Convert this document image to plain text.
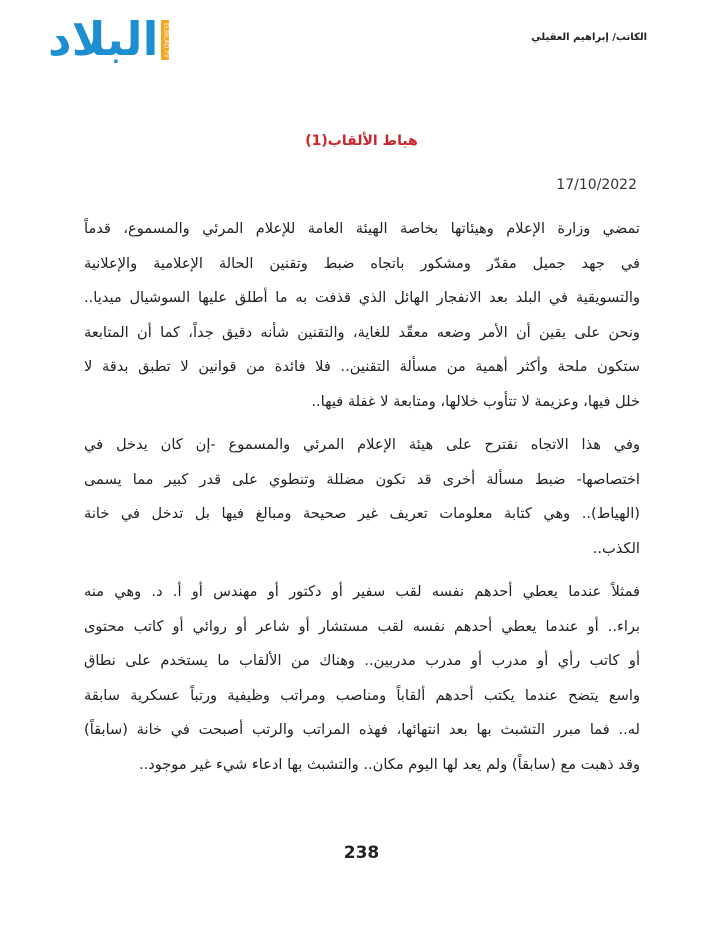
البلاد ELBILAD.TV	الكاتب/ إبراهيم العقيلي
هياط الألقاب(1)
17/10/2022
تمضي وزارة الإعلام وهيئاتها بخاصة الهيئة العامة للإعلام المرئي والمسموع، قدماً
في جهد جميل مقدّر ومشكور باتجاه ضبط وتقنين الحالة الإعلامية والإعلانية
والتسويقية في البلد بعد الانفجار الهائل الذي قذفت به ما أطلق عليها السوشيال ميديا..
ونحن على يقين أن الأمر وضعه معقّد للغاية، والتقنين شأنه دقيق جداً، كما أن المتابعة
ستكون ملحة وأكثر أهمية من مسألة التقنين.. فلا فائدة من قوانين لا تطبق بدقة لا
خلل فيها، وعزيمة لا تتأوب خلالها، ومتابعة لا غفلة فيها..
وفي هذا الاتجاه نقترح على هيئة الإعلام المرئي والمسموع -إن كان يدخل في
اختصاصها- ضبط مسألة أخرى قد تكون مضللة وتنطوي على قدر كبير مما يسمى
(الهياط).. وهي كتابة معلومات تعريف غير صحيحة ومبالغ فيها بل تدخل في خانة
الكذب..
فمثلاً عندما يعطي أحدهم نفسه لقب سفير أو دكتور أو مهندس أو أ. د. وهي منه
براء.. أو عندما يعطي أحدهم نفسه لقب مستشار أو شاعر أو روائي أو كاتب محتوى
أو كاتب رأي أو مدرب أو مدرب مدربين.. وهناك من الألقاب ما يستخدم على نطاق
واسع يتضح عندما يكتب أحدهم ألقاباً ومناصب ومراتب وظيفية ورتباً عسكرية سابقة
له.. فما مبرر التشبث بها بعد انتهائها، فهذه المراتب والرتب أصبحت في خانة (سابقاً)
وقد ذهبت مع (سابقاً) ولم يعد لها اليوم مكان.. والتشبث بها ادعاء شيء غير موجود..
238
